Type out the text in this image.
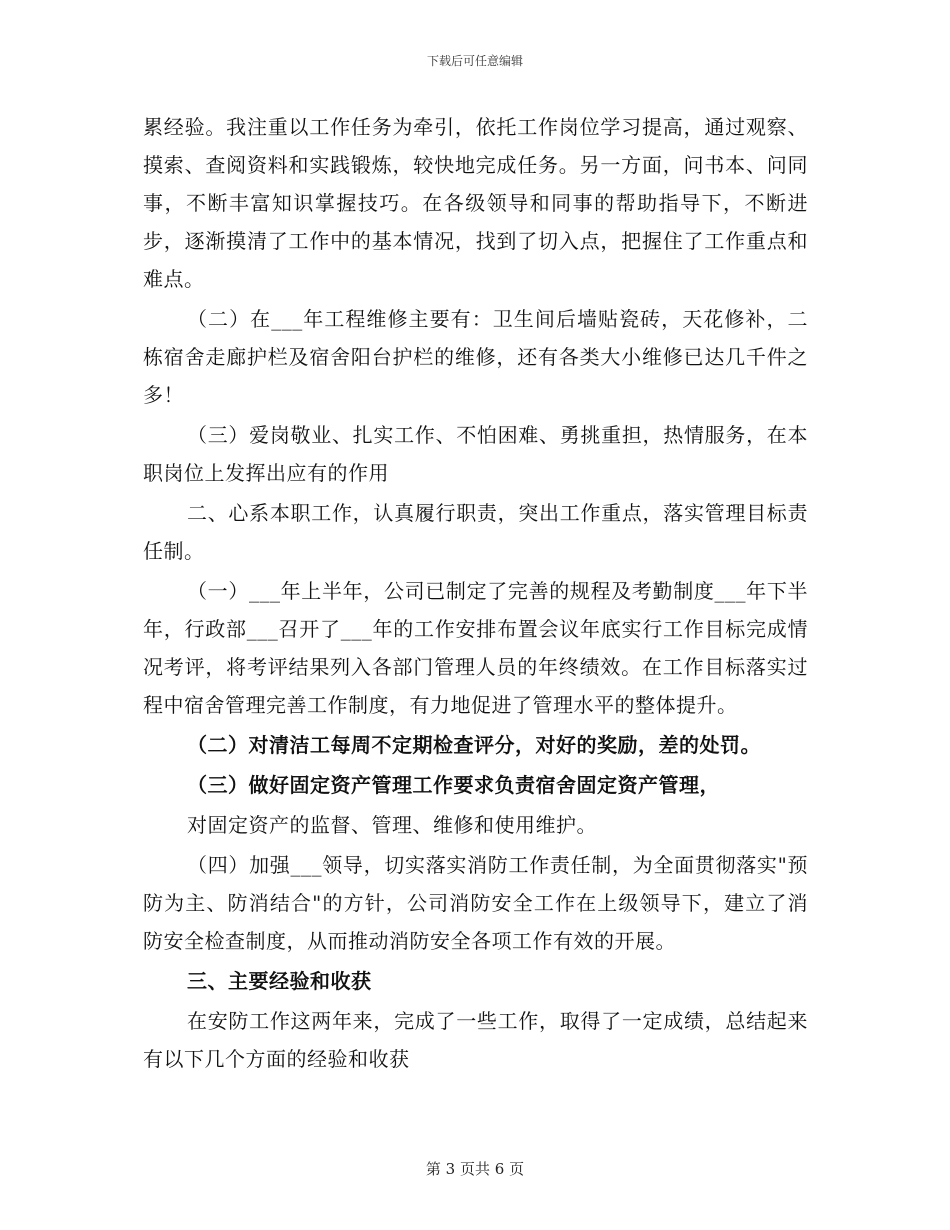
下载后可任意编辑

累经验。我注重以工作任务为牵引，依托工作岗位学习提高，通过观察、摸索、查阅资料和实践锻炼，较快地完成任务。另一方面，问书本、问同事，不断丰富知识掌握技巧。在各级领导和同事的帮助指导下，不断进步，逐渐摸清了工作中的基本情况，找到了切入点，把握住了工作重点和难点。

（二）在___年工程维修主要有：卫生间后墙贴瓷砖，天花修补，二栋宿舍走廊护栏及宿舍阳台护栏的维修，还有各类大小维修已达几千件之多！

（三）爱岗敬业、扎实工作、不怕困难、勇挑重担，热情服务，在本职岗位上发挥出应有的作用

二、心系本职工作，认真履行职责，突出工作重点，落实管理目标责任制。

（一）___年上半年，公司已制定了完善的规程及考勤制度___年下半年，行政部___召开了___年的工作安排布置会议年底实行工作目标完成情况考评，将考评结果列入各部门管理人员的年终绩效。在工作目标落实过程中宿舍管理完善工作制度，有力地促进了管理水平的整体提升。

（二）对清洁工每周不定期检查评分，对好的奖励，差的处罚。

（三）做好固定资产管理工作要求负责宿舍固定资产管理，

对固定资产的监督、管理、维修和使用维护。

（四）加强___领导，切实落实消防工作责任制，为全面贯彻落实"预防为主、防消结合"的方针，公司消防安全工作在上级领导下，建立了消防安全检查制度，从而推动消防安全各项工作有效的开展。

三、主要经验和收获

在安防工作这两年来，完成了一些工作，取得了一定成绩，总结起来有以下几个方面的经验和收获

第 3 页共 6 页
